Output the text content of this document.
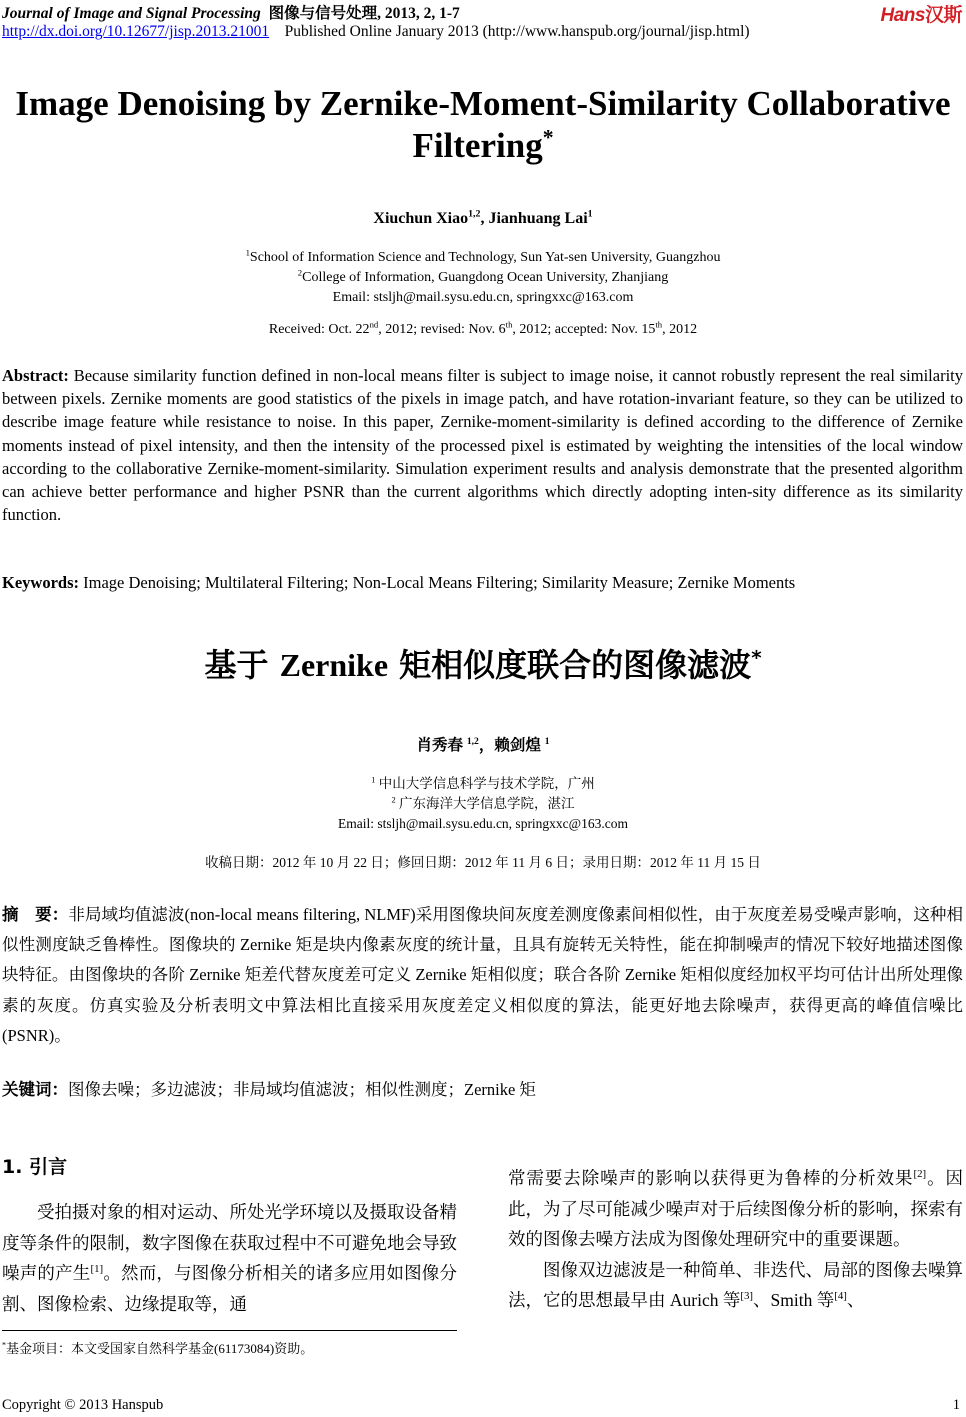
Journal of Image and Signal Processing 图像与信号处理, 2013, 2, 1-7	Hans汉斯
http://dx.doi.org/10.12677/jisp.2013.21001 Published Online January 2013 (http://www.hanspub.org/journal/jisp.html)
Image Denoising by Zernike-Moment-Similarity Collaborative
Filtering*
Xiuchun Xiao$^{1,2}$, Jianhuang Lai$^1$
$^1$School of Information Science and Technology, Sun Yat-sen University, Guangzhou
$^2$College of Information, Guangdong Ocean University, Zhanjiang
Email: stsljh@mail.sysu.edu.cn, springxxc@163.com
Received: Oct. 22nd, 2012; revised: Nov. 6th, 2012; accepted: Nov. 15th, 2012
Abstract: Because similarity function defined in non-local means filter is subject to image noise, it cannot robustly represent the real similarity between pixels. Zernike moments are good statistics of the pixels in image patch, and have rotation-invariant feature, so they can be utilized to describe image feature while resistance to noise. In this paper, Zernike-moment-similarity is defined according to the difference of Zernike moments instead of pixel intensity, and then the intensity of the processed pixel is estimated by weighting the intensities of the local window according to the collaborative Zernike-moment-similarity. Simulation experiment results and analysis demonstrate that the presented algorithm can achieve better performance and higher PSNR than the current algorithms which directly adopting inten-sity difference as its similarity function.
Keywords: Image Denoising; Multilateral Filtering; Non-Local Means Filtering; Similarity Measure; Zernike Moments
基于 Zernike 矩相似度联合的图像滤波*
肖秀春 $^{1,2}$，赖剑煌 $^1$
$^1$ 中山大学信息科学与技术学院，广州
$^2$ 广东海洋大学信息学院，湛江
Email: stsljh@mail.sysu.edu.cn, springxxc@163.com
收稿日期：2012 年 10 月 22 日；修回日期：2012 年 11 月 6 日；录用日期：2012 年 11 月 15 日
摘　要：非局域均值滤波(non-local means filtering, NLMF)采用图像块间灰度差测度像素间相似性，由于灰度差易受噪声影响，这种相似性测度缺乏鲁棒性。图像块的 Zernike 矩是块内像素灰度的统计量，且具有旋转无关特性，能在抑制噪声的情况下较好地描述图像块特征。由图像块的各阶 Zernike 矩差代替灰度差可定义 Zernike 矩相似度；联合各阶 Zernike 矩相似度经加权平均可估计出所处理像素的灰度。仿真实验及分析表明文中算法相比直接采用灰度差定义相似度的算法，能更好地去除噪声，获得更高的峰值信噪比(PSNR)。
关键词：图像去噪；多边滤波；非局域均值滤波；相似性测度；Zernike 矩
1. 引言

受拍摄对象的相对运动、所处光学环境以及摄取设备精度等条件的限制，数字图像在获取过程中不可避免地会导致噪声的产生[1]。然而，与图像分析相关的诸多应用如图像分割、图像检索、边缘提取等，通

常需要去除噪声的影响以获得更为鲁棒的分析效果[2]。因此，为了尽可能减少噪声对于后续图像分析的影响，探索有效的图像去噪方法成为图像处理研究中的重要课题。

图像双边滤波是一种简单、非迭代、局部的图像去噪算法，它的思想最早由 Aurich 等[3]、Smith 等[4]、

*基金项目：本文受国家自然科学基金(61173084)资助。
Copyright © 2013 Hanspub	1
